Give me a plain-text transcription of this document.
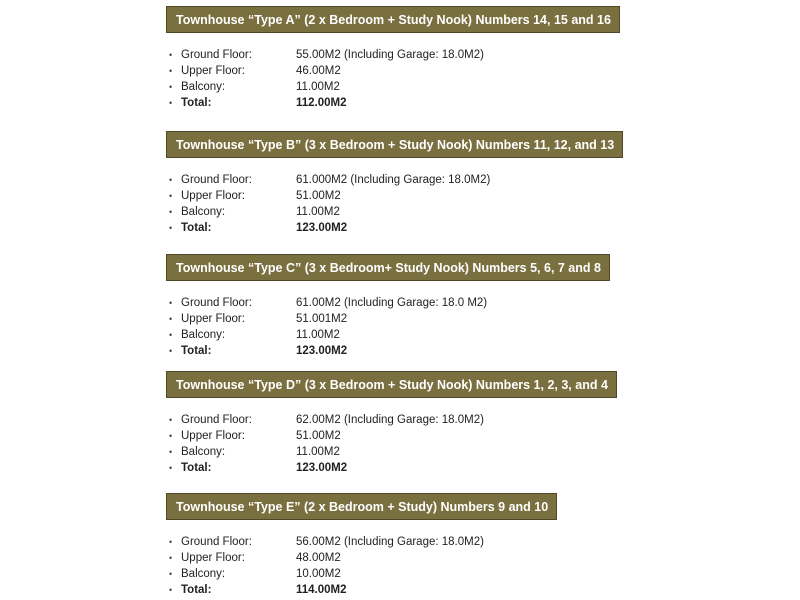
Townhouse “Type A” (2 x Bedroom + Study Nook) Numbers 14, 15 and 16
• Ground Floor:	55.00M2 (Including Garage: 18.0M2)
• Upper Floor:	46.00M2
• Balcony:	11.00M2
• Total:	112.00M2
Townhouse “Type B” (3 x Bedroom + Study Nook) Numbers 11, 12, and 13
• Ground Floor:	61.000M2 (Including Garage: 18.0M2)
• Upper Floor:	51.00M2
• Balcony:	11.00M2
• Total:	123.00M2
Townhouse “Type C” (3 x Bedroom+ Study Nook) Numbers 5, 6, 7 and 8
• Ground Floor:	61.00M2 (Including Garage: 18.0 M2)
• Upper Floor:	51.001M2
• Balcony:	11.00M2
• Total:	123.00M2
Townhouse “Type D” (3 x Bedroom + Study Nook) Numbers 1, 2, 3, and 4
• Ground Floor:	62.00M2 (Including Garage: 18.0M2)
• Upper Floor:	51.00M2
• Balcony:	11.00M2
• Total:	123.00M2
Townhouse “Type E” (2 x Bedroom + Study) Numbers 9 and 10
• Ground Floor:	56.00M2 (Including Garage: 18.0M2)
• Upper Floor:	48.00M2
• Balcony:	10.00M2
• Total:	114.00M2
